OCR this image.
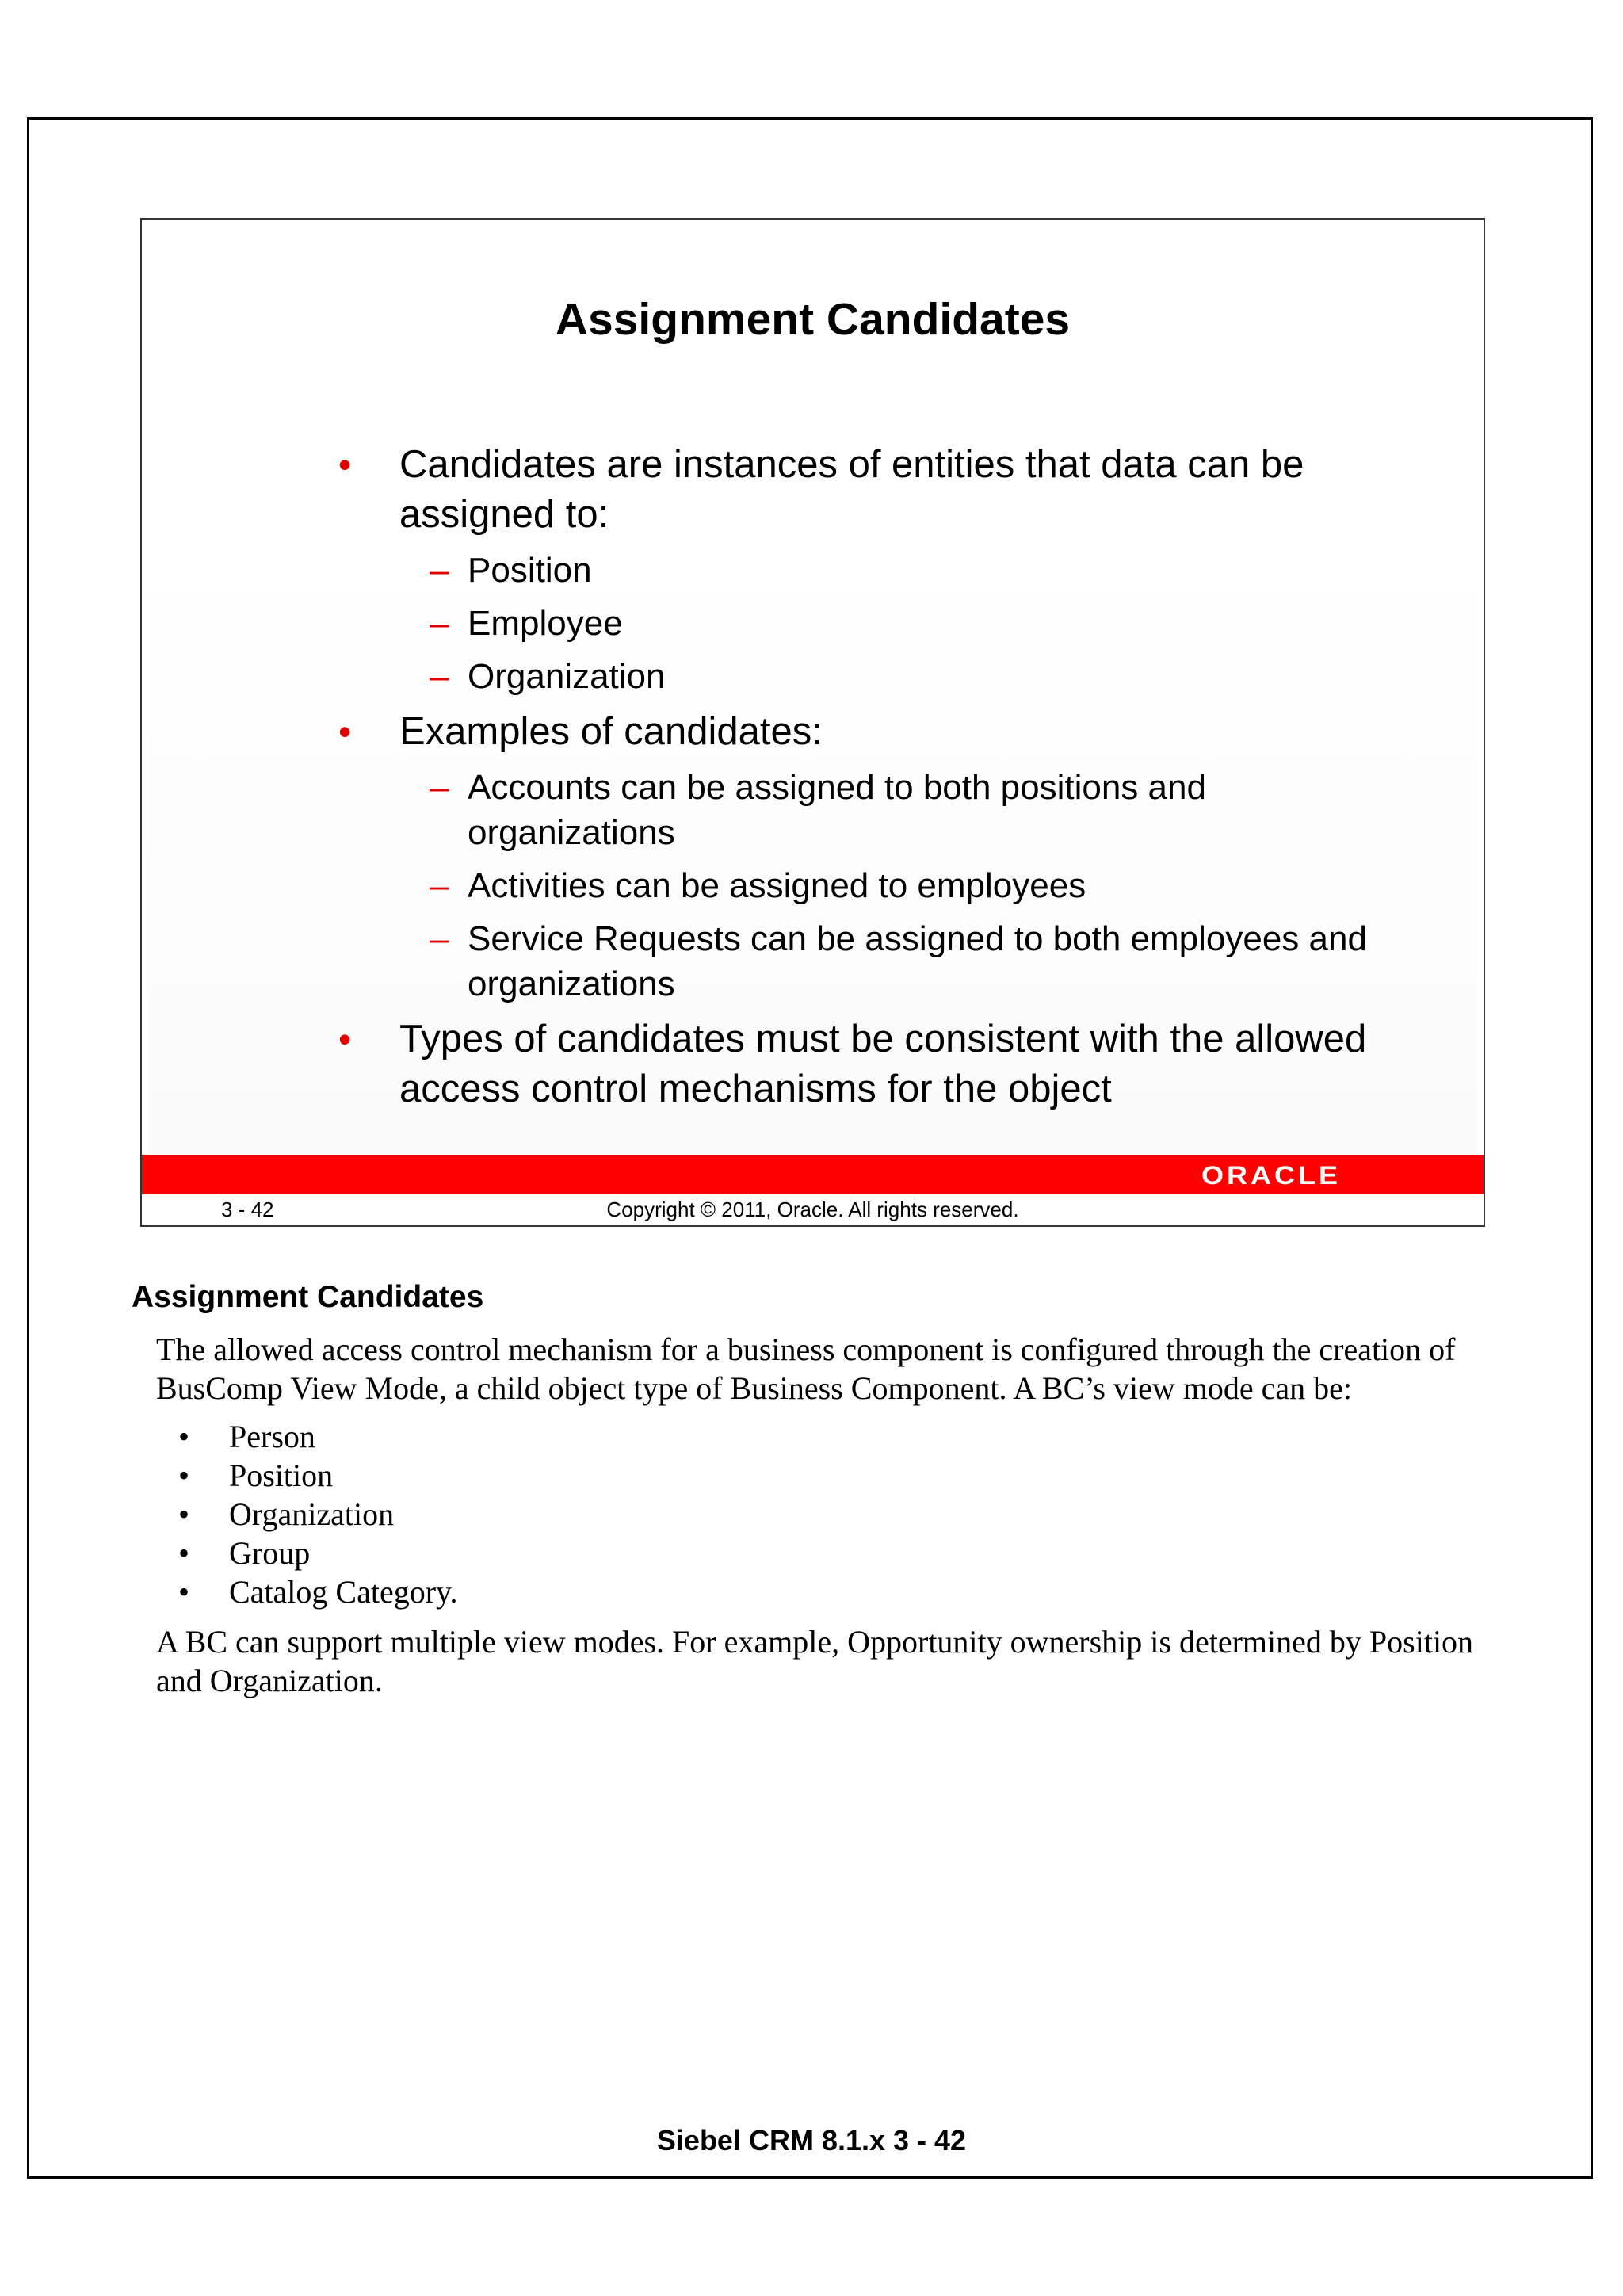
Assignment Candidates
• Candidates are instances of entities that data can be assigned to:
– Position
– Employee
– Organization
• Examples of candidates:
– Accounts can be assigned to both positions and organizations
– Activities can be assigned to employees
– Service Requests can be assigned to both employees and organizations
• Types of candidates must be consistent with the allowed access control mechanisms for the object
ORACLE
3 - 42	Copyright © 2011, Oracle. All rights reserved.
Assignment Candidates

The allowed access control mechanism for a business component is configured through the creation of BusComp View Mode, a child object type of Business Component. A BC’s view mode can be:

• Person
• Position
• Organization
• Group
• Catalog Category.

A BC can support multiple view modes. For example, Opportunity ownership is determined by Position and Organization.

Siebel CRM 8.1.x 3 - 42
